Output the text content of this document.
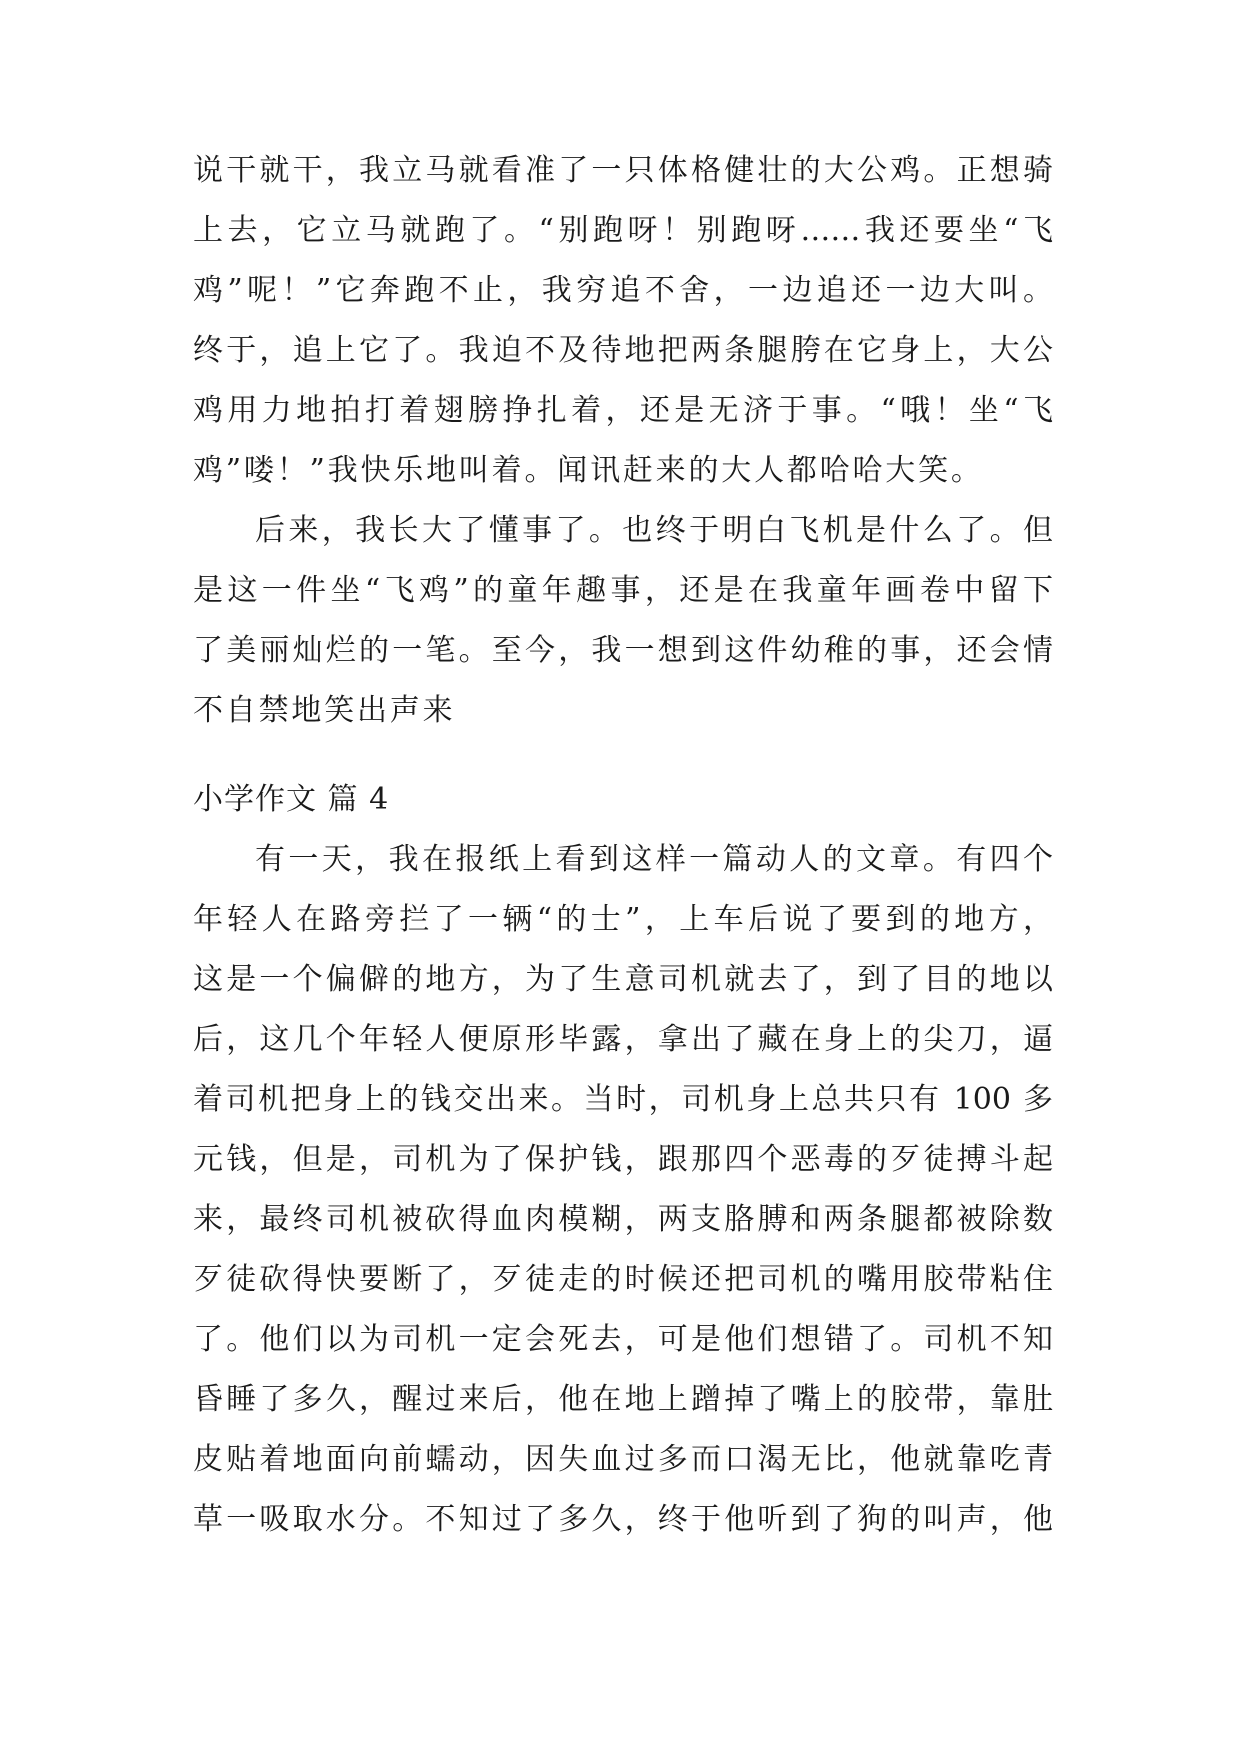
说干就干，我立马就看准了一只体格健壮的大公鸡。正想骑
上去，它立马就跑了。“别跑呀！别跑呀……我还要坐“飞
鸡”呢！”它奔跑不止，我穷追不舍，一边追还一边大叫。
终于，追上它了。我迫不及待地把两条腿胯在它身上，大公
鸡用力地拍打着翅膀挣扎着，还是无济于事。“哦！坐“飞
鸡”喽！”我快乐地叫着。闻讯赶来的大人都哈哈大笑。
后来，我长大了懂事了。也终于明白飞机是什么了。但
是这一件坐“飞鸡”的童年趣事，还是在我童年画卷中留下
了美丽灿烂的一笔。至今，我一想到这件幼稚的事，还会情
不自禁地笑出声来
小学作文 篇 4
有一天，我在报纸上看到这样一篇动人的文章。有四个
年轻人在路旁拦了一辆“的士”，上车后说了要到的地方，
这是一个偏僻的地方，为了生意司机就去了，到了目的地以
后，这几个年轻人便原形毕露，拿出了藏在身上的尖刀，逼
着司机把身上的钱交出来。当时，司机身上总共只有 100 多
元钱，但是，司机为了保护钱，跟那四个恶毒的歹徒搏斗起
来，最终司机被砍得血肉模糊，两支胳膊和两条腿都被除数
歹徒砍得快要断了，歹徒走的时候还把司机的嘴用胶带粘住
了。他们以为司机一定会死去，可是他们想错了。司机不知
昏睡了多久，醒过来后，他在地上蹭掉了嘴上的胶带，靠肚
皮贴着地面向前蠕动，因失血过多而口渴无比，他就靠吃青
草一吸取水分。不知过了多久，终于他听到了狗的叫声，他
